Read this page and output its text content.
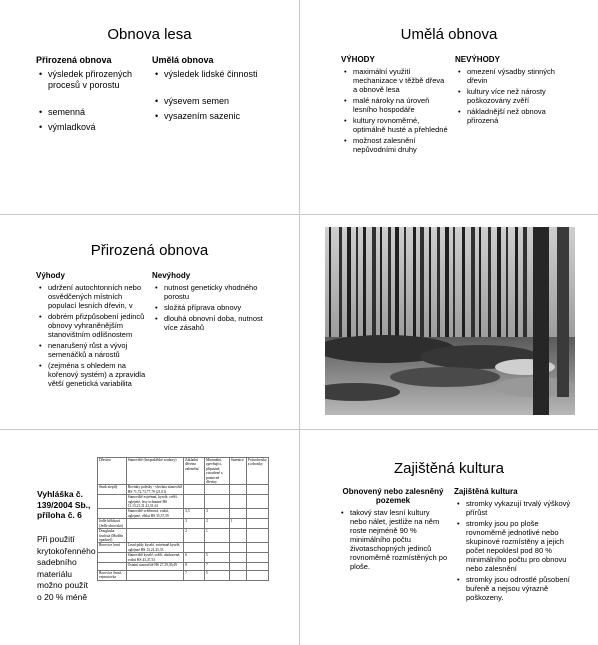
Obnova lesa
Přirozená obnova
• výsledek přirozených procesů v porostu
• semenná
• výmladková
Umělá obnova
• výsledek lidské činnosti
• výsevem semen
• vysazením sazenic
Umělá obnova
VÝHODY
• maximální využití mechanizace v těžbě dřeva a obnově lesa
• malé nároky na úroveň lesního hospodáře
• kultury rovnoměrné, optimálně husté a přehledné
• možnost zalesnění nepůvodními druhy
NEVÝHODY
• omezení výsadby stinných dřevin
• kultury více než nárosty poškozovány zvěří
• nákladnější než obnova přirozená
Přirozená obnova
Výhody
• udržení autochtonních nebo osvědčených místních populací lesních dřevin, v
• dobrém přizpůsobení jedinců obnovy vyhraněnějším stanovištním odlišnostem
• nenarušený růst a vývoj semenáčků a nárostů
• (zejména s ohledem na kořenový systém) a zpravidla větší genetická variabilita
Nevýhody
• nutnost geneticky vhodného porostu
• složitá příprava obnovy
• dlouhá obnovní doba, nutnost více zásahů
Vyhláška č. 139/2004 Sb., příloha č. 6
Při použití krytokořenného sadebního materiálu možno použít o 20 % méně
Dřevina	Stanoviště (hospodářské soubory)	Základní dřevina zalesnění	Minimální, zpevňující, přípustné, vtroušené a pomocné dřeviny	Sazenice	Poloodrostky a odrostky
Smrk ztepilý	Rovinky polesky - všechna stanoviště HS 71,72,73,77,79 (21,01)				
	Stanoviště extrémní, kyselé, svěží, oglejené, lesy ochranné HS 11,13,21,31,41,51,61				
	Stanoviště svěžinová, vodní, oglejené, vlhká HS 35,37,39	3,5	3		
Jedle bělokorá (Jedle obrovská)		3	2	1	
Douglaska tisolistá (Modřín opadavý)		2	1		
Borovice lesní	Lesní půdy kyselé, extrémně kyselé, oglejené HS 13,21,25,33				
	Stanoviště kyselé, svěží, obohacené, vodní HS 43,47,53	6	5		
	Ostatní stanoviště HS 27,29,39,49	8	7		
Borovice černá, vejmutovka		7	5		
Zajištěná kultura
Obnovený nebo zalesněný pozemek
• takový stav lesní kultury nebo nálet, jestliže na něm roste nejméně 90 % minimálního počtu životaschopných jedinců rovnoměrně rozmístěných po ploše.
Zajištěná kultura
• stromky vykazují trvalý výškový přírůst
• stromky jsou po ploše rovnoměrně jednotlivé nebo skupinové rozmístěny a jejich počet nepoklesl pod 80 % minimálního počtu pro obnovu nebo zalesnění
• stromky jsou odrostlé působení buřeně a nejsou výrazně poškozeny.
